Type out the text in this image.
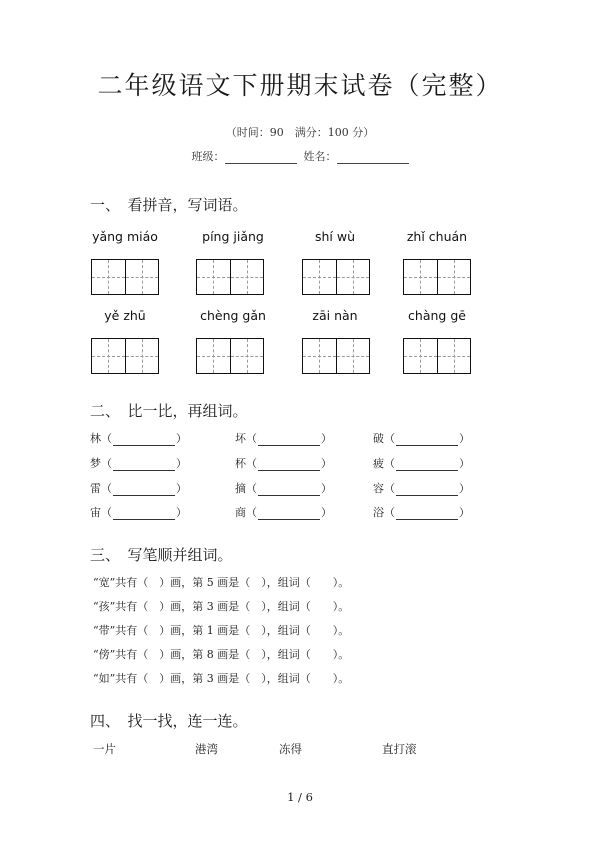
二年级语文下册期末试卷（完整）
（时间：90　满分：100 分）
班级：	姓名：
一、　看拼音，写词语。
yǎng miáo	píng jiǎng	shí wù	zhǐ chuán
yě zhū	chèng gǎn	zāi nàn	chàng gē
二、　比一比，再组词。
林（	）	坏（	）	破（	）
梦（	）	杯（	）	疲（	）
雷（	）	摘（	）	容（	）
宙（	）	商（	）	浴（	）
三、　写笔顺并组词。
“宽”共有（　）画，第 5 画是（　），组词（　　）。
“孩”共有（　）画，第 3 画是（　），组词（　　）。
“带”共有（　）画，第 1 画是（　），组词（　　）。
“傍”共有（　）画，第 8 画是（　），组词（　　）。
“如”共有（　）画，第 3 画是（　），组词（　　）。
四、　找一找，连一连。
一片	港湾	冻得	直打滚
1 / 6
